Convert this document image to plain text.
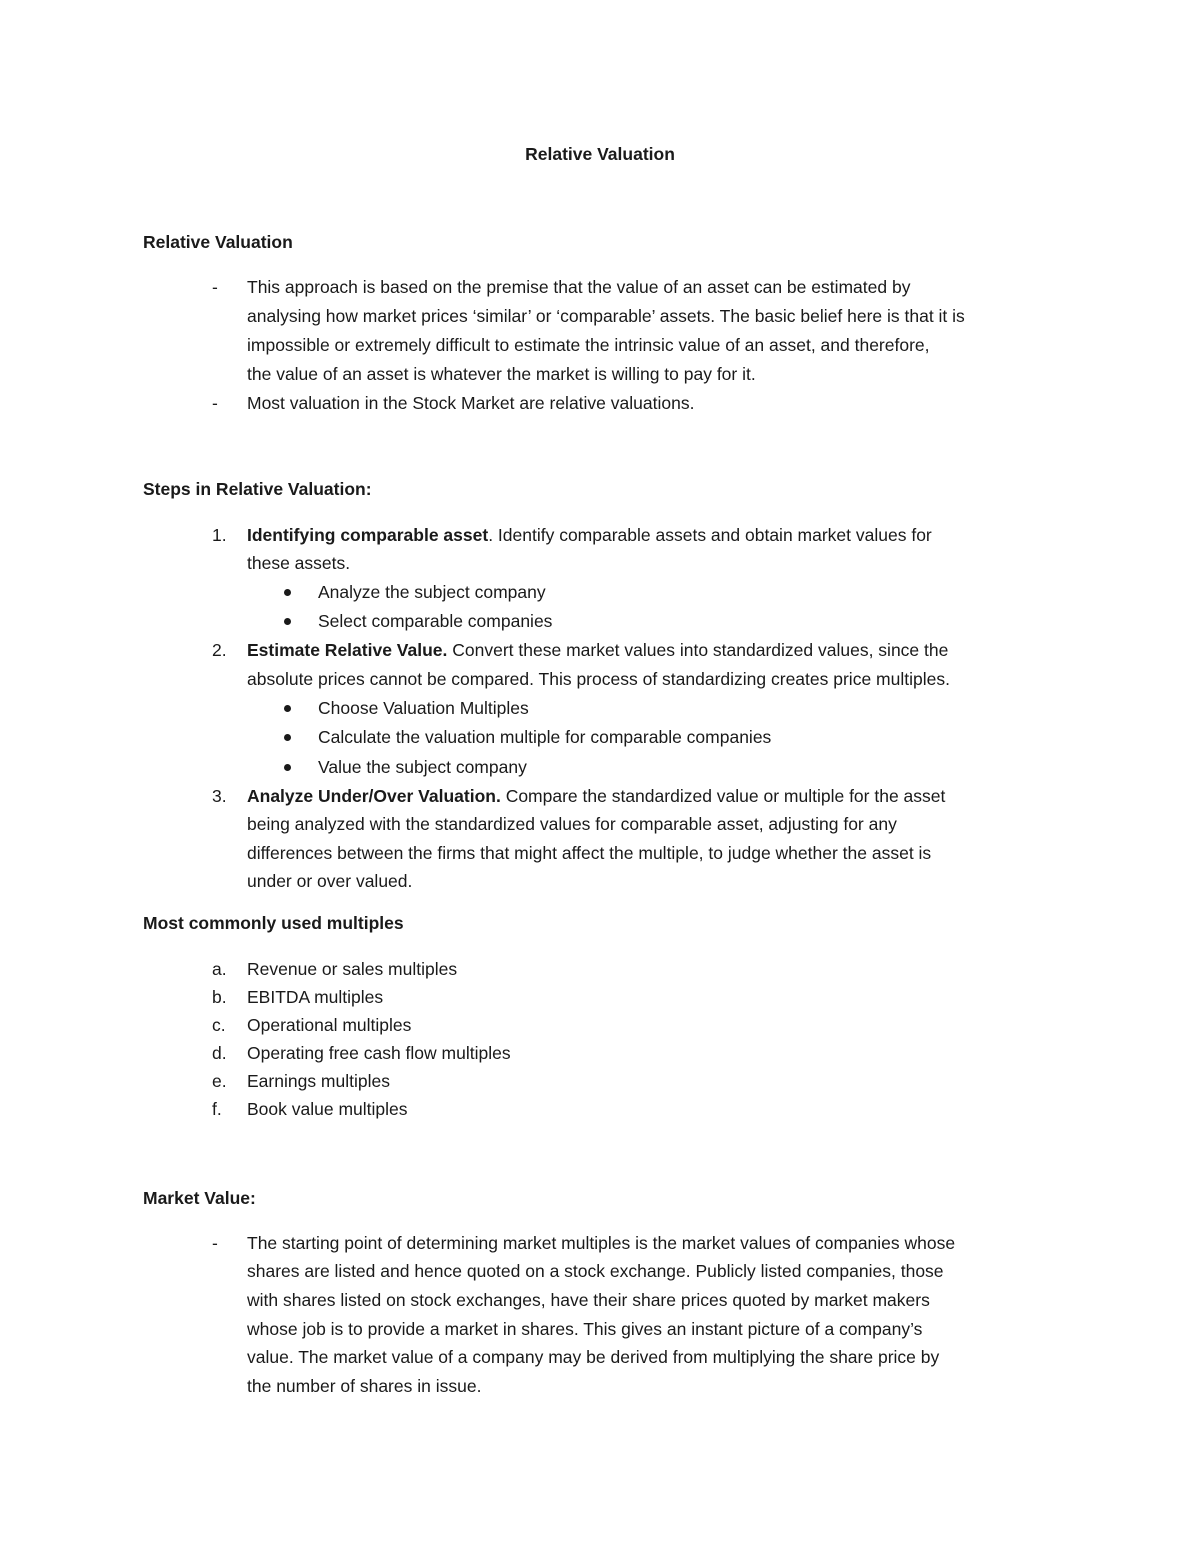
Relative Valuation
Relative Valuation
- This approach is based on the premise that the value of an asset can be estimated by
analysing how market prices ‘similar’ or ‘comparable’ assets. The basic belief here is that it is
impossible or extremely difficult to estimate the intrinsic value of an asset, and therefore,
the value of an asset is whatever the market is willing to pay for it.
- Most valuation in the Stock Market are relative valuations.
Steps in Relative Valuation:
1. Identifying comparable asset. Identify comparable assets and obtain market values for
these assets.
Analyze the subject company
Select comparable companies
2. Estimate Relative Value. Convert these market values into standardized values, since the
absolute prices cannot be compared. This process of standardizing creates price multiples.
Choose Valuation Multiples
Calculate the valuation multiple for comparable companies
Value the subject company
3. Analyze Under/Over Valuation. Compare the standardized value or multiple for the asset
being analyzed with the standardized values for comparable asset, adjusting for any
differences between the firms that might affect the multiple, to judge whether the asset is
under or over valued.
Most commonly used multiples
a. Revenue or sales multiples
b. EBITDA multiples
c. Operational multiples
d. Operating free cash flow multiples
e. Earnings multiples
f. Book value multiples
Market Value:
- The starting point of determining market multiples is the market values of companies whose
shares are listed and hence quoted on a stock exchange. Publicly listed companies, those
with shares listed on stock exchanges, have their share prices quoted by market makers
whose job is to provide a market in shares. This gives an instant picture of a company’s
value. The market value of a company may be derived from multiplying the share price by
the number of shares in issue.
